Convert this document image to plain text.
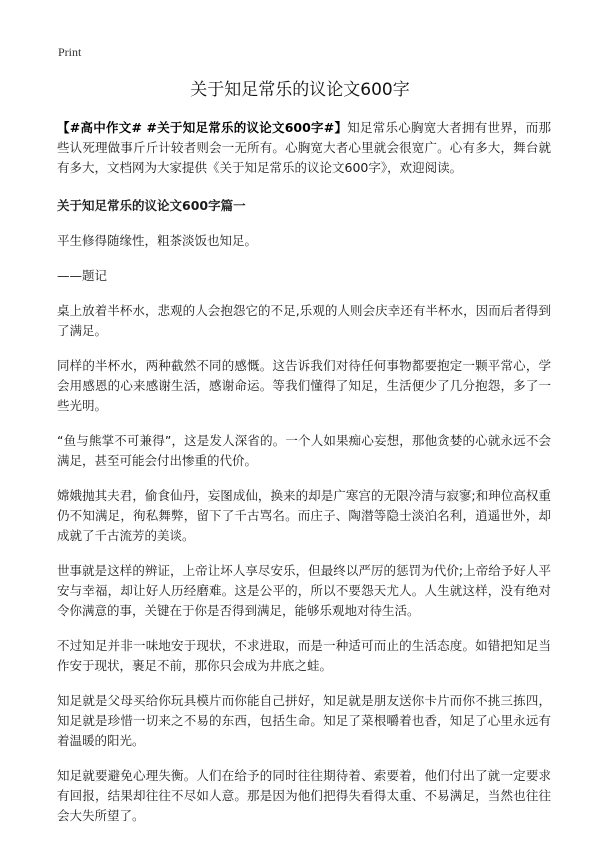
Print
关于知足常乐的议论文600字

【#高中作文# #关于知足常乐的议论文600字#】知足常乐心胸宽大者拥有世界，而那些认死理做事斤斤计较者则会一无所有。心胸宽大者心里就会很宽广。心有多大，舞台就有多大，文档网为大家提供《关于知足常乐的议论文600字》，欢迎阅读。

关于知足常乐的议论文600字篇一

平生修得随缘性，粗茶淡饭也知足。

——题记

桌上放着半杯水，悲观的人会抱怨它的不足,乐观的人则会庆幸还有半杯水，因而后者得到了满足。

同样的半杯水，两种截然不同的感慨。这告诉我们对待任何事物都要抱定一颗平常心，学会用感恩的心来感谢生活，感谢命运。等我们懂得了知足，生活便少了几分抱怨，多了一些光明。

“鱼与熊掌不可兼得”，这是发人深省的。一个人如果痴心妄想，那他贪婪的心就永远不会满足，甚至可能会付出惨重的代价。

嫦娥抛其夫君，偷食仙丹，妄图成仙，换来的却是广寒宫的无限冷清与寂寥;和珅位高权重仍不知满足，徇私舞弊，留下了千古骂名。而庄子、陶潜等隐士淡泊名利，逍遥世外，却成就了千古流芳的美谈。

世事就是这样的辨证，上帝让坏人享尽安乐，但最终以严厉的惩罚为代价;上帝给予好人平安与幸福，却让好人历经磨难。这是公平的，所以不要怨天尤人。人生就这样，没有绝对令你满意的事，关键在于你是否得到满足，能够乐观地对待生活。

不过知足并非一味地安于现状，不求进取，而是一种适可而止的生活态度。如错把知足当作安于现状，裹足不前，那你只会成为井底之蛙。

知足就是父母买给你玩具模片而你能自己拼好，知足就是朋友送你卡片而你不挑三拣四，知足就是珍惜一切来之不易的东西，包括生命。知足了菜根嚼着也香，知足了心里永远有着温暖的阳光。

知足就要避免心理失衡。人们在给予的同时往往期待着、索要着，他们付出了就一定要求有回报，结果却往往不尽如人意。那是因为他们把得失看得太重、不易满足，当然也往往会大失所望了。
